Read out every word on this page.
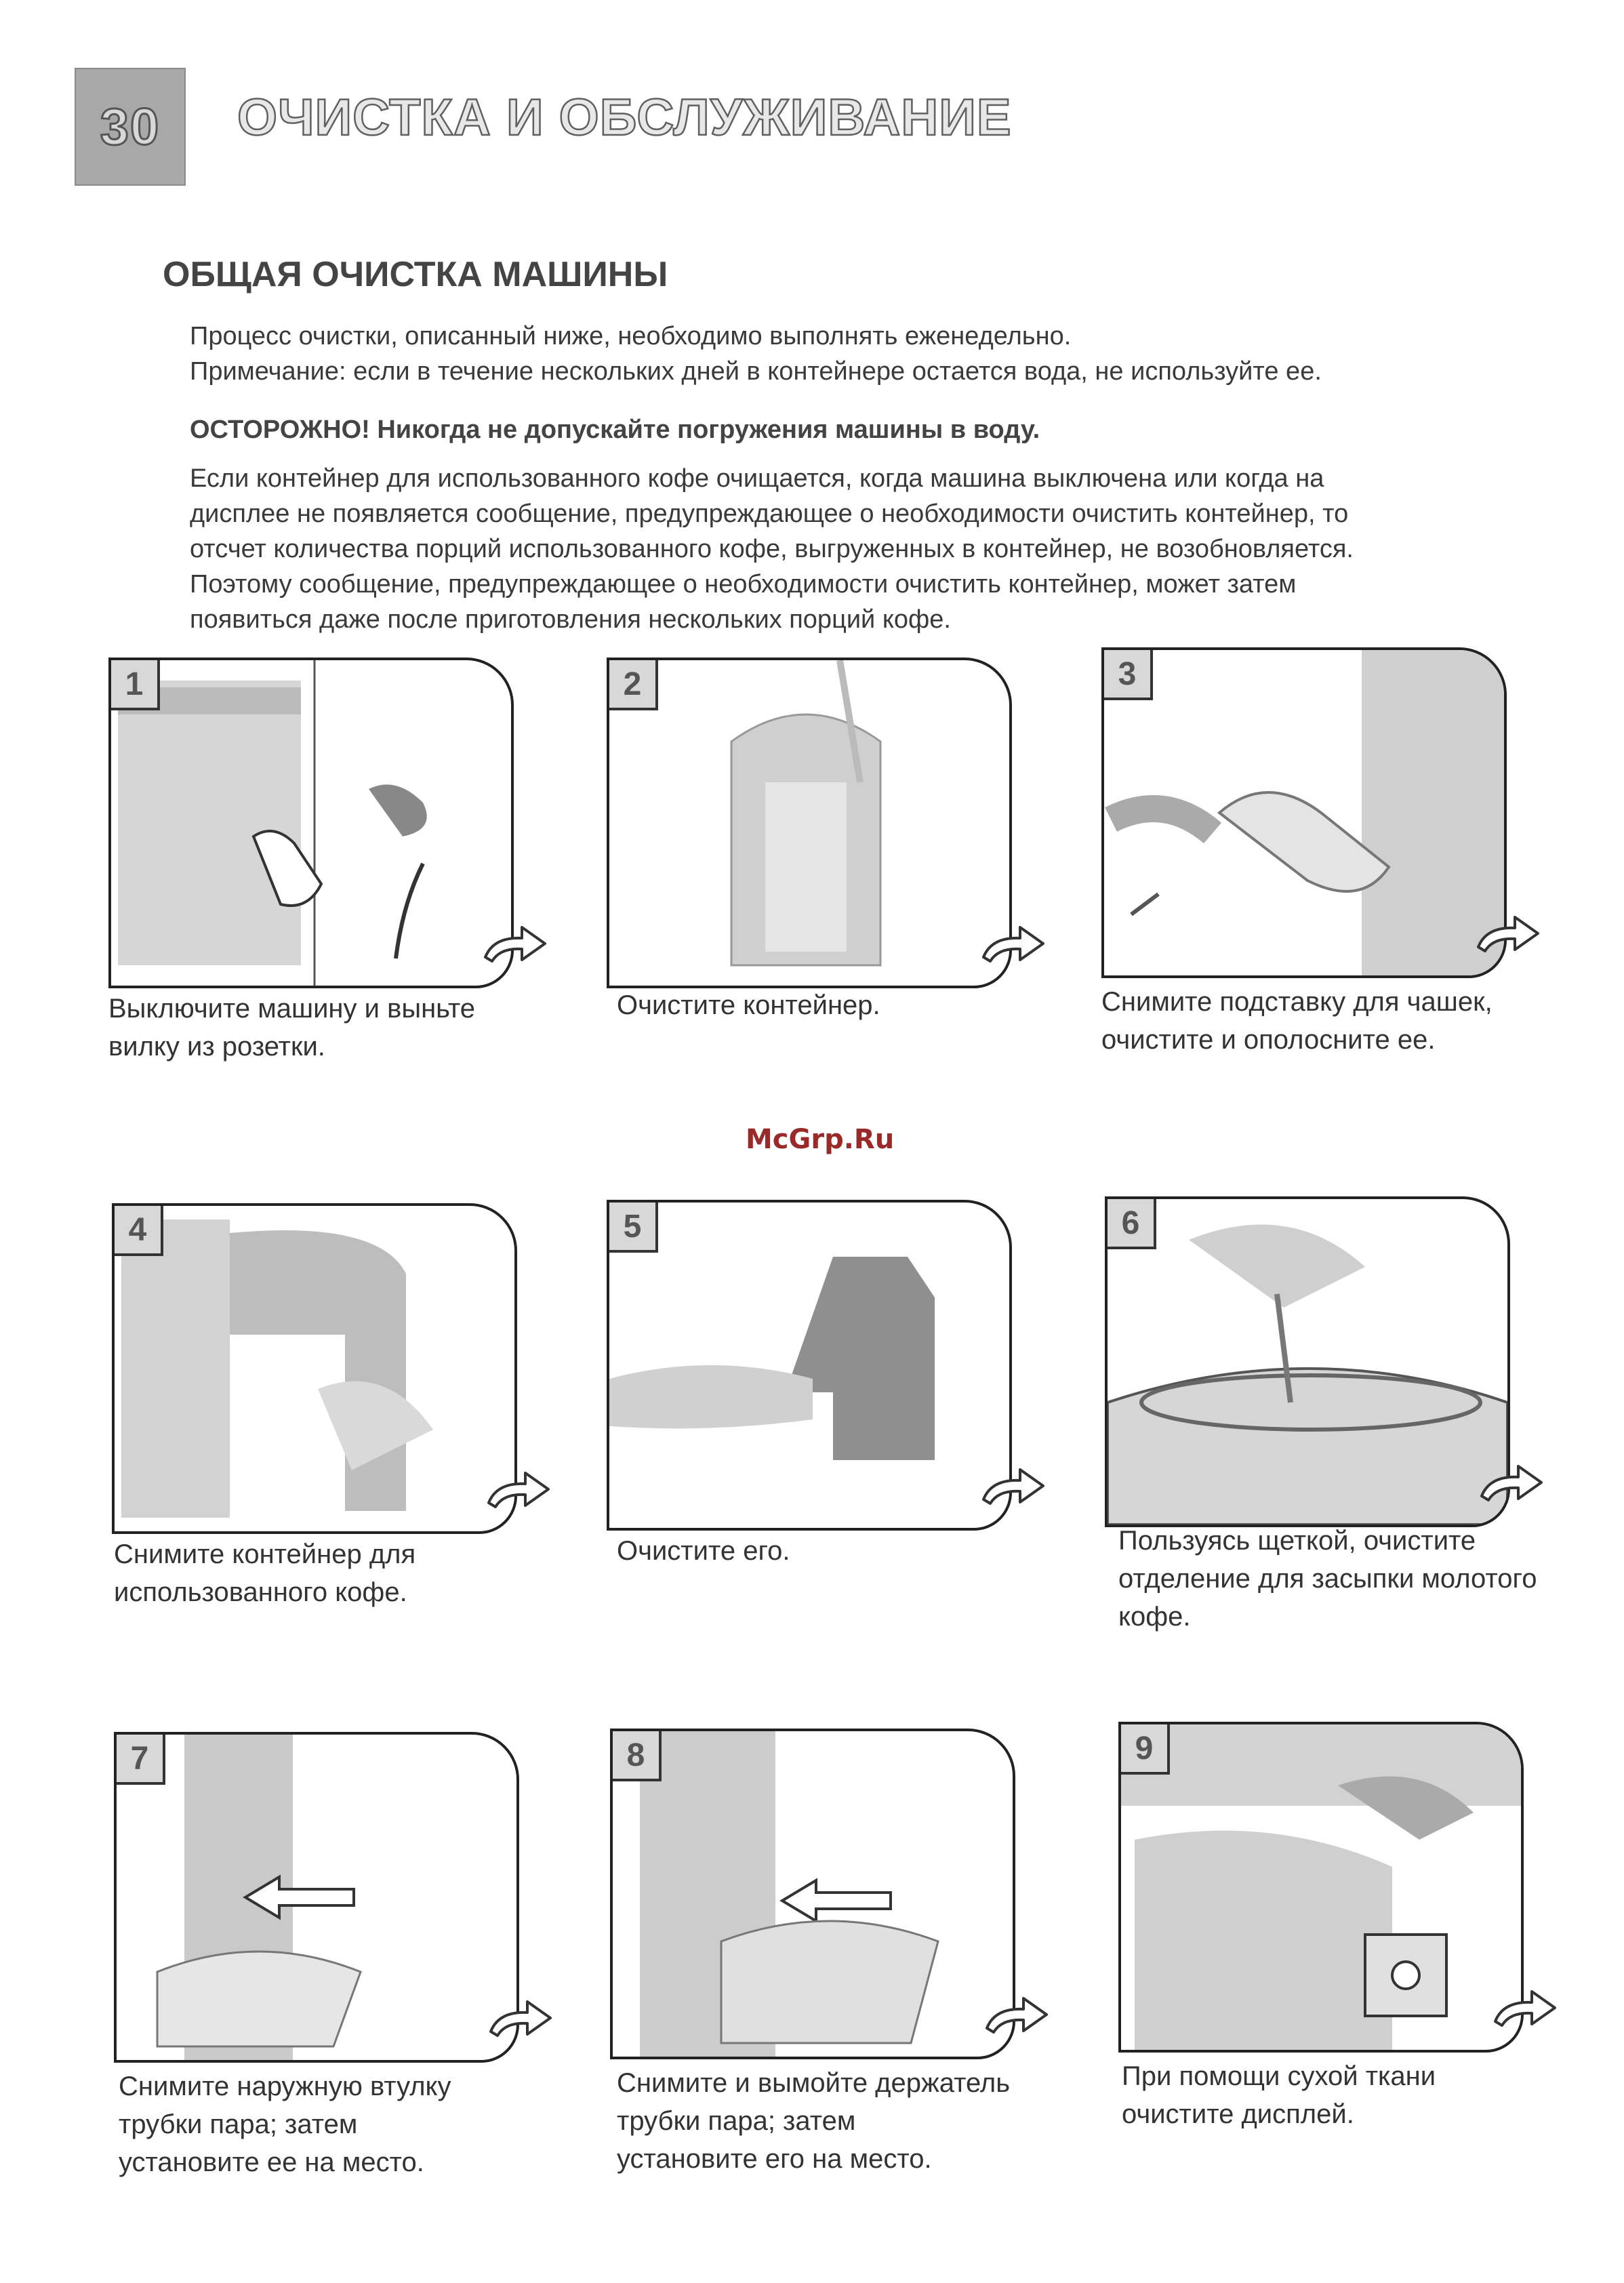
30 ОЧИСТКА И ОБСЛУЖИВАНИЕ
ОБЩАЯ ОЧИСТКА МАШИНЫ

Процесс очистки, описанный ниже, необходимо выполнять еженедельно.

Примечание: если в течение нескольких дней в контейнере остается вода, не используйте ее.

ОСТОРОЖНО! Никогда не допускайте погружения машины в воду.

Если контейнер для использованного кофе очищается, когда машина выключена или когда на

дисплее не появляется сообщение, предупреждающее о необходимости очистить контейнер, то

отсчет количества порций использованного кофе, выгруженных в контейнер, не возобновляется.

Поэтому сообщение, предупреждающее о необходимости очистить контейнер, может затем

появиться даже после приготовления нескольких порций кофе.

1
Выключите машину и выньте
вилку из розетки.
2
Очистите контейнер.
3
Снимите подставку для чашек,
очистите и ополосните ее.
4
Снимите контейнер для
использованного кофе.
5
Очистите его.
6
Пользуясь щеткой, очистите
отделение для засыпки молотого
кофе.
7
Снимите наружную втулку
трубки пара; затем
установите ее на место.
8
Снимите и вымойте держатель
трубки пара; затем
установите его на место.
9
При помощи сухой ткани
очистите дисплей.
McGrp.Ru
